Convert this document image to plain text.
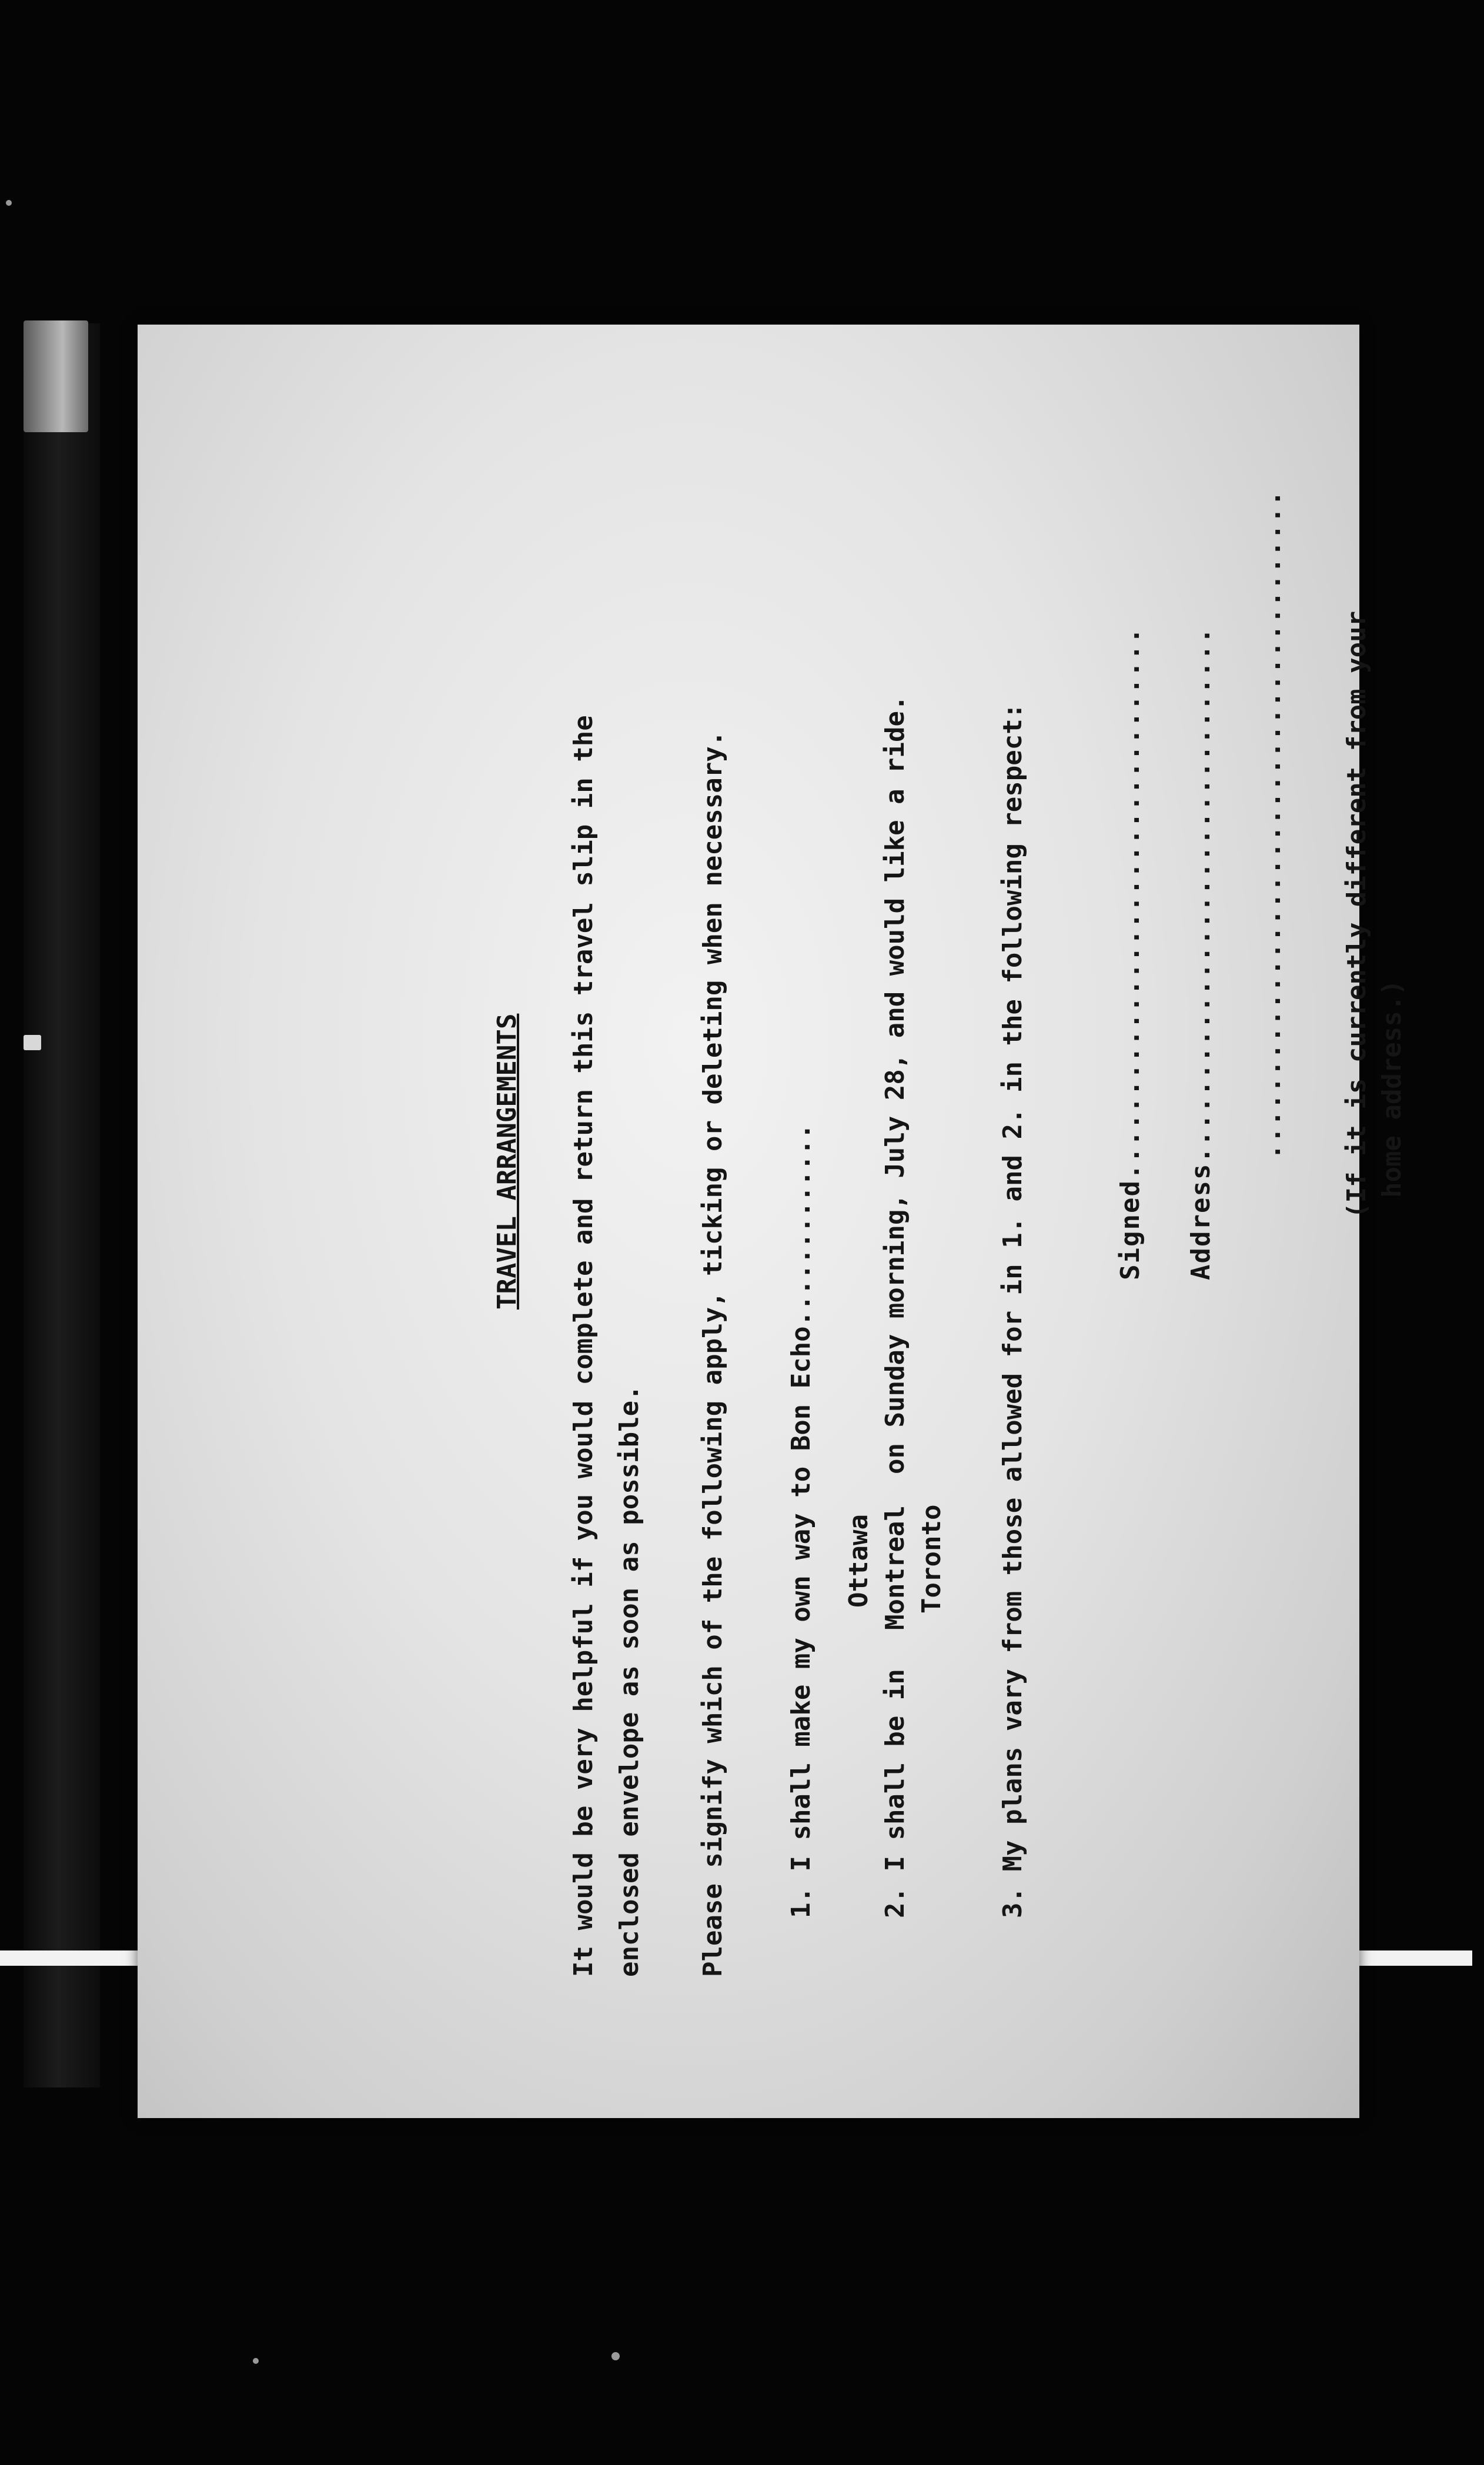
TRAVEL ARRANGEMENTS	It would be very helpful if you would complete and return this travel slip in the enclosed envelope as soon as possible.	Please signify which of the following apply, ticking or deleting when necessary.	1. I shall make my own way to Bon Echo.............	Ottawa
2. I shall be in
Montreal
on Sunday morning, July 28, and would like a ride.
Toronto	3. My plans vary from those allowed for in 1. and 2. in the following respect:	Signed.................................	Address................................	........................................	(If it is currently different from your home address.)
